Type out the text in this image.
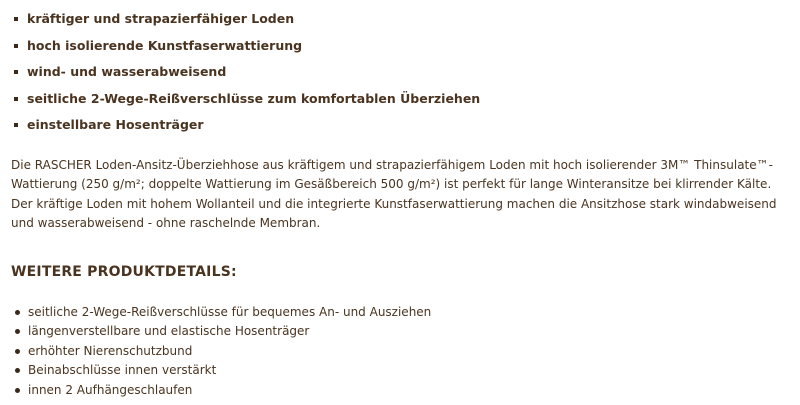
kräftiger und strapazierfähiger Loden
hoch isolierende Kunstfaserwattierung
wind- und wasserabweisend
seitliche 2-Wege-Reißverschlüsse zum komfortablen Überziehen
einstellbare Hosenträger

Die RASCHER Loden-Ansitz-Überziehhose aus kräftigem und strapazierfähigem Loden mit hoch isolierender 3M™ Thinsulate™-Wattierung (250 g/m²; doppelte Wattierung im Gesäßbereich 500 g/m²) ist perfekt für lange Winteransitze bei klirrender Kälte. Der kräftige Loden mit hohem Wollanteil und die integrierte Kunstfaserwattierung machen die Ansitzhose stark windabweisend und wasserabweisend - ohne raschelnde Membran.

WEITERE PRODUKTDETAILS:
seitliche 2-Wege-Reißverschlüsse für bequemes An- und Ausziehen
längenverstellbare und elastische Hosenträger
erhöhter Nierenschutzbund
Beinabschlüsse innen verstärkt
innen 2 Aufhängeschlaufen
